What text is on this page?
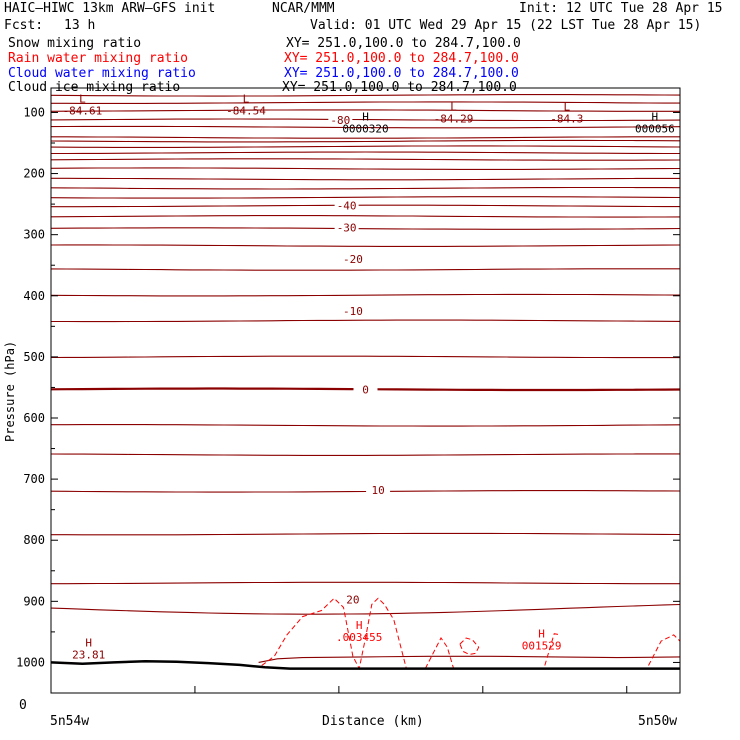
HAIC–HIWC 13km ARW–GFS init	NCAR/MMM	Init: 12 UTC Tue 28 Apr 15
Fcst: 13 h	Valid: 01 UTC Wed 29 Apr 15 (22 LST Tue 28 Apr 15)
Snow mixing ratio	XY= 251.0,100.0 to 284.7,100.0
Rain water mixing ratio	XY= 251.0,100.0 to 284.7,100.0
Cloud water mixing ratio	XY= 251.0,100.0 to 284.7,100.0
Cloud ice mixing ratio	XY= 251.0,100.0 to 284.7,100.0
-80
-40
-30
-20
-10
0
10
20
L
-84.61
L
-84.54	L
-84.29
L
-84.3
H
0000320
H
000056
H
23.81
H
.003455	H
001529
5n54w
0
Distance (km)	5n50w
Pressure (hPa)
100
200
300
400
500
600
700
800
900
1000
